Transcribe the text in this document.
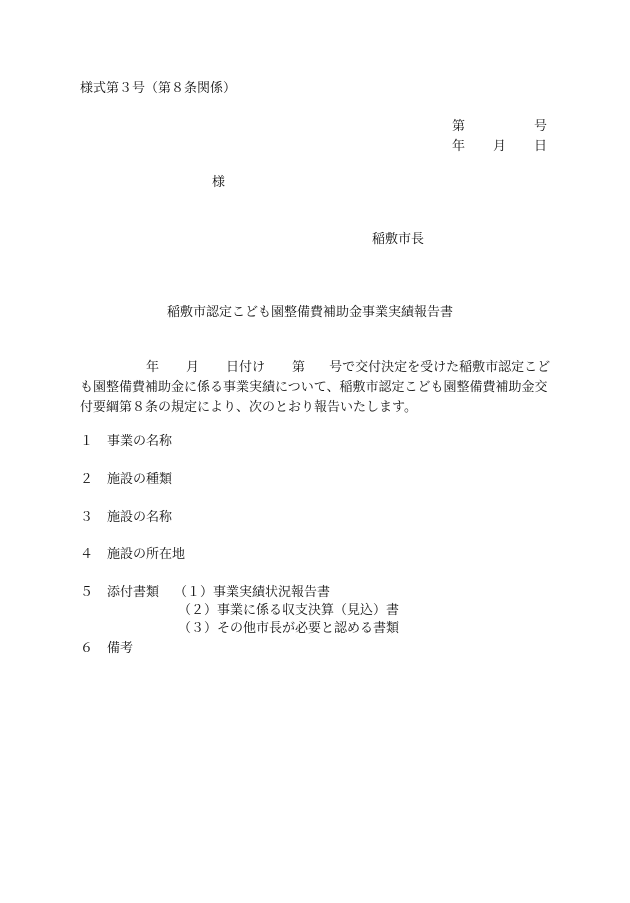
様式第３号（第８条関係）
第	号
年 月 日
様
稲敷市長
稲敷市認定こども園整備費補助金事業実績報告書
年 月 日付け 第 号で交付決定を受けた稲敷市認定こども園整備費補助金に係る事業実績について、稲敷市認定こども園整備費補助金交付要綱第８条の規定により、次のとおり報告いたします。
１ 事業の名称
２ 施設の種類
３ 施設の名称
４ 施設の所在地
５ 添付書類 （１）事業実績状況報告書
（２）事業に係る収支決算（見込）書
（３）その他市長が必要と認める書類
６ 備考
